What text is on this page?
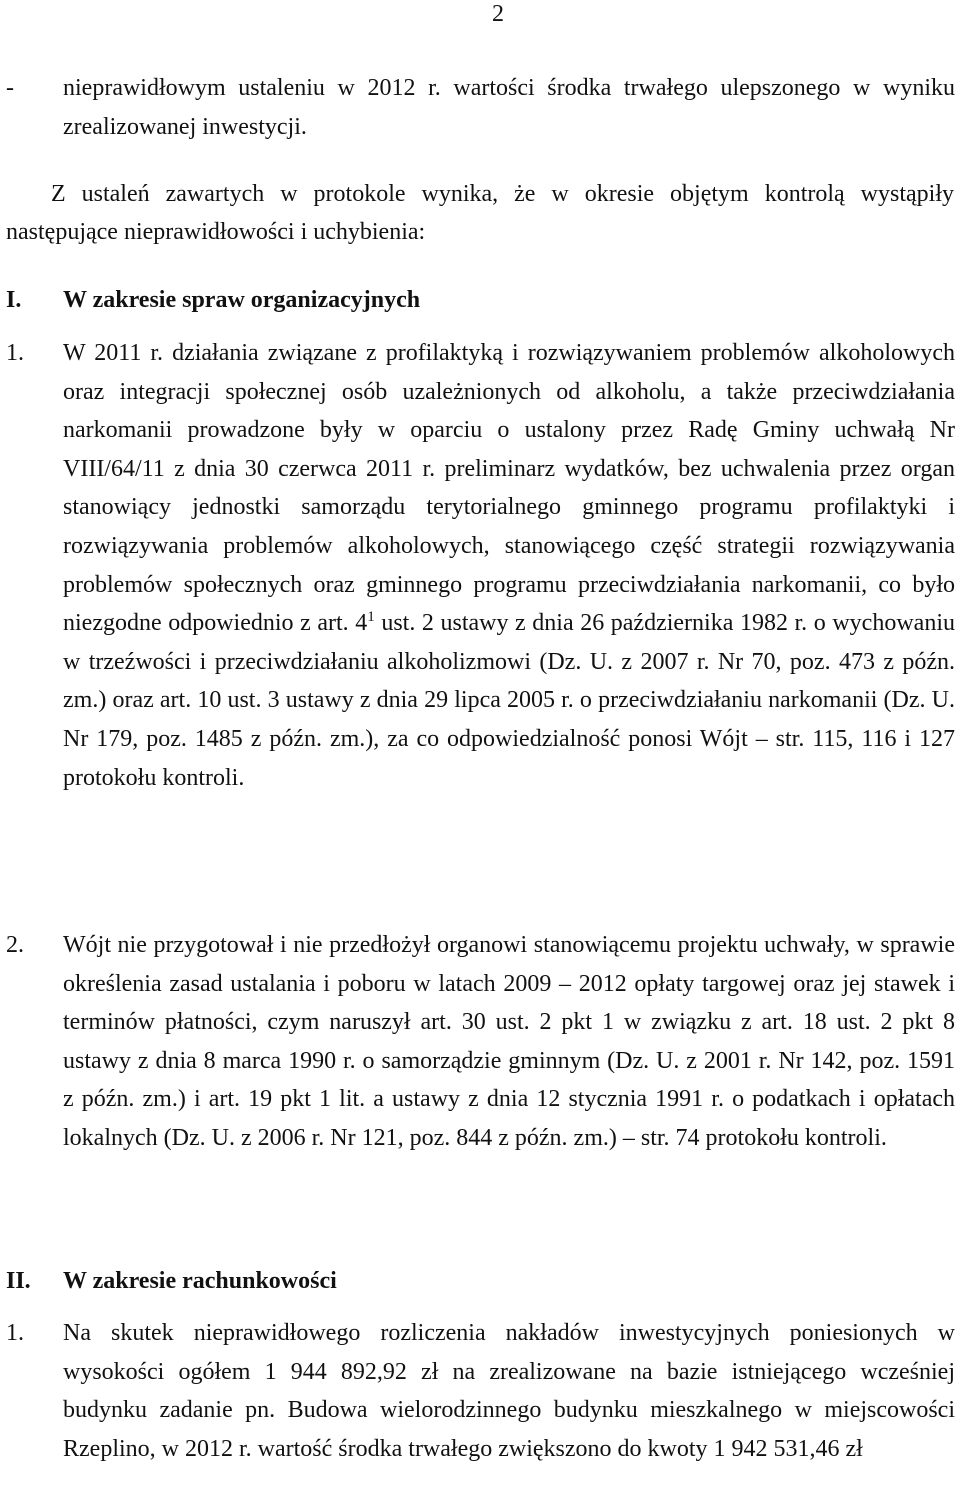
2
- nieprawidłowym ustaleniu w 2012 r. wartości środka trwałego ulepszonego w wyniku zrealizowanej inwestycji.
Z ustaleń zawartych w protokole wynika, że w okresie objętym kontrolą wystąpiły następujące nieprawidłowości i uchybienia:
I. W zakresie spraw organizacyjnych
1. W 2011 r. działania związane z profilaktyką i rozwiązywaniem problemów alkoholowych oraz integracji społecznej osób uzależnionych od alkoholu, a także przeciwdziałania narkomanii prowadzone były w oparciu o ustalony przez Radę Gminy uchwałą Nr VIII/64/11 z dnia 30 czerwca 2011 r. preliminarz wydatków, bez uchwalenia przez organ stanowiący jednostki samorządu terytorialnego gminnego programu profilaktyki i rozwiązywania problemów alkoholowych, stanowiącego część strategii rozwiązywania problemów społecznych oraz gminnego programu przeciwdziałania narkomanii, co było niezgodne odpowiednio z art. $4^1$ ust. 2 ustawy z dnia 26 października 1982 r. o wychowaniu w trzeźwości i przeciwdziałaniu alkoholizmowi (Dz. U. z 2007 r. Nr 70, poz. 473 z późn. zm.) oraz art. 10 ust. 3 ustawy z dnia 29 lipca 2005 r. o przeciwdziałaniu narkomanii (Dz. U. Nr 179, poz. 1485 z późn. zm.), za co odpowiedzialność ponosi Wójt – str. 115, 116 i 127 protokołu kontroli.
2. Wójt nie przygotował i nie przedłożył organowi stanowiącemu projektu uchwały, w sprawie określenia zasad ustalania i poboru w latach 2009 – 2012 opłaty targowej oraz jej stawek i terminów płatności, czym naruszył art. 30 ust. 2 pkt 1 w związku z art. 18 ust. 2 pkt 8 ustawy z dnia 8 marca 1990 r. o samorządzie gminnym (Dz. U. z 2001 r. Nr 142, poz. 1591 z późn. zm.) i art. 19 pkt 1 lit. a ustawy z dnia 12 stycznia 1991 r. o podatkach i opłatach lokalnych (Dz. U. z 2006 r. Nr 121, poz. 844 z późn. zm.) – str. 74 protokołu kontroli.
II. W zakresie rachunkowości
1. Na skutek nieprawidłowego rozliczenia nakładów inwestycyjnych poniesionych w wysokości ogółem 1 944 892,92 zł na zrealizowane na bazie istniejącego wcześniej budynku zadanie pn. Budowa wielorodzinnego budynku mieszkalnego w miejscowości Rzeplino, w 2012 r. wartość środka trwałego zwiększono do kwoty 1 942 531,46 zł
